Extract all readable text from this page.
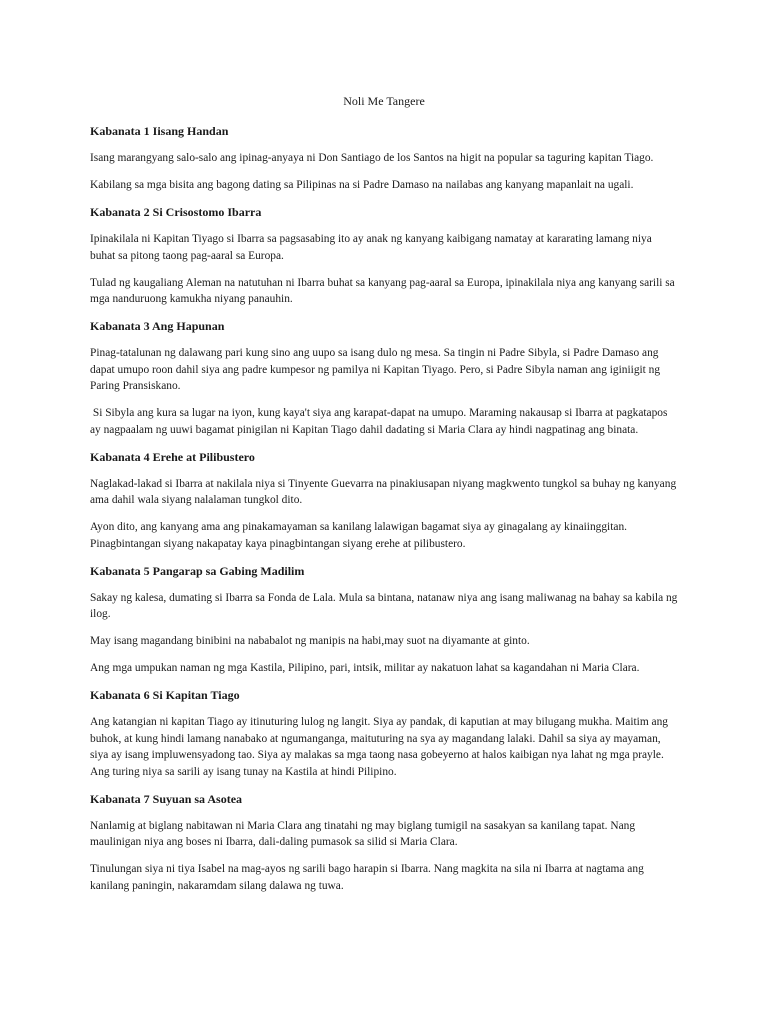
Noli Me Tangere
Kabanata 1 Iisang Handan

Isang marangyang salo-salo ang ipinag-anyaya ni Don Santiago de los Santos na higit na popular sa taguring kapitan Tiago.

Kabilang sa mga bisita ang bagong dating sa Pilipinas na si Padre Damaso na nailabas ang kanyang mapanlait na ugali.

Kabanata 2 Si Crisostomo Ibarra

Ipinakilala ni Kapitan Tiyago si Ibarra sa pagsasabing ito ay anak ng kanyang kaibigang namatay at kararating lamang niya buhat sa pitong taong pag-aaral sa Europa.

Tulad ng kaugaliang Aleman na natutuhan ni Ibarra buhat sa kanyang pag-aaral sa Europa, ipinakilala niya ang kanyang sarili sa mga nanduruong kamukha niyang panauhin.

Kabanata 3 Ang Hapunan

Pinag-tatalunan ng dalawang pari kung sino ang uupo sa isang dulo ng mesa. Sa tingin ni Padre Sibyla, si Padre Damaso ang dapat umupo roon dahil siya ang padre kumpesor ng pamilya ni Kapitan Tiyago. Pero, si Padre Sibyla naman ang iginiigit ng Paring Pransiskano.

Si Sibyla ang kura sa lugar na iyon, kung kaya't siya ang karapat-dapat na umupo. Maraming nakausap si Ibarra at pagkatapos ay nagpaalam ng uuwi bagamat pinigilan ni Kapitan Tiago dahil dadating si Maria Clara ay hindi nagpatinag ang binata.

Kabanata 4 Erehe at Pilibustero

Naglakad-lakad si Ibarra at nakilala niya si Tinyente Guevarra na pinakiusapan niyang magkwento tungkol sa buhay ng kanyang ama dahil wala siyang nalalaman tungkol dito.

Ayon dito, ang kanyang ama ang pinakamayaman sa kanilang lalawigan bagamat siya ay ginagalang ay kinaiinggitan. Pinagbintangan siyang nakapatay kaya pinagbintangan siyang erehe at pilibustero.

Kabanata 5 Pangarap sa Gabing Madilim

Sakay ng kalesa, dumating si Ibarra sa Fonda de Lala. Mula sa bintana, natanaw niya ang isang maliwanag na bahay sa kabila ng ilog.

May isang magandang binibini na nababalot ng manipis na habi,may suot na diyamante at ginto.

Ang mga umpukan naman ng mga Kastila, Pilipino, pari, intsik, militar ay nakatuon lahat sa kagandahan ni Maria Clara.

Kabanata 6 Si Kapitan Tiago

Ang katangian ni kapitan Tiago ay itinuturing lulog ng langit. Siya ay pandak, di kaputian at may bilugang mukha. Maitim ang buhok, at kung hindi lamang nanabako at ngumanganga, maituturing na sya ay magandang lalaki. Dahil sa siya ay mayaman, siya ay isang impluwensyadong tao. Siya ay malakas sa mga taong nasa gobeyerno at halos kaibigan nya lahat ng mga prayle. Ang turing niya sa sarili ay isang tunay na Kastila at hindi Pilipino.

Kabanata 7 Suyuan sa Asotea

Nanlamig at biglang nabitawan ni Maria Clara ang tinatahi ng may biglang tumigil na sasakyan sa kanilang tapat. Nang maulinigan niya ang boses ni Ibarra, dali-daling pumasok sa silid si Maria Clara.

Tinulungan siya ni tiya Isabel na mag-ayos ng sarili bago harapin si Ibarra. Nang magkita na sila ni Ibarra at nagtama ang kanilang paningin, nakaramdam silang dalawa ng tuwa.
